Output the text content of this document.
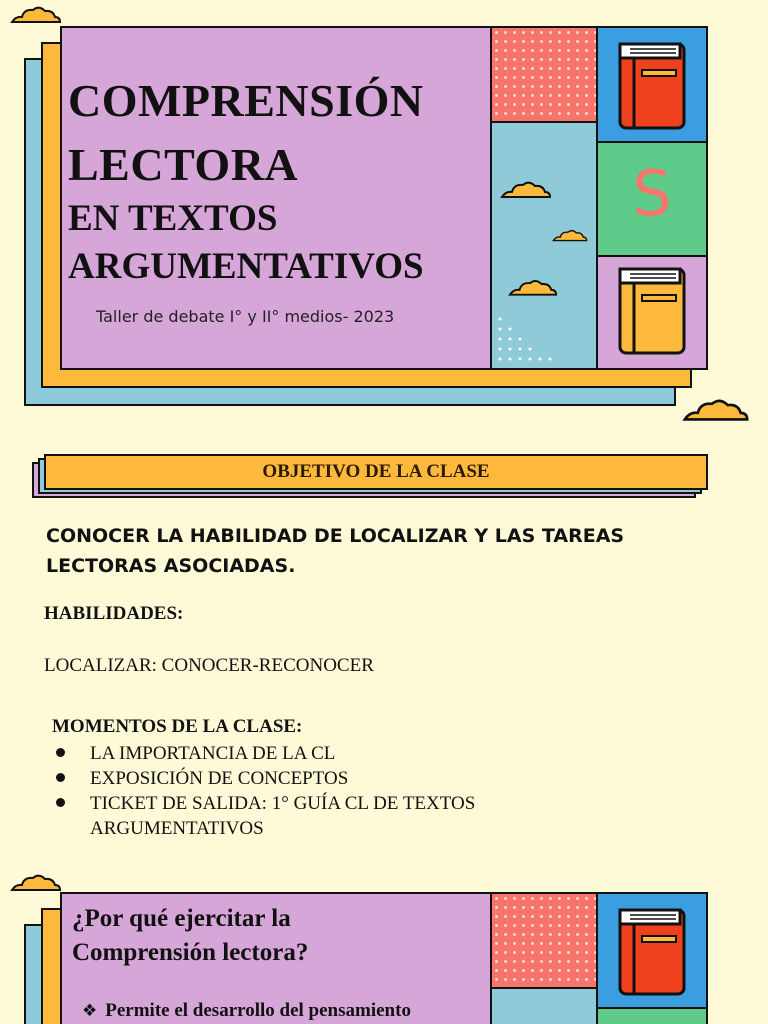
S
COMPRENSIÓN
LECTORA
EN TEXTOS
ARGUMENTATIVOS
Taller de debate I° y II° medios- 2023
OBJETIVO DE LA CLASE
CONOCER LA HABILIDAD DE LOCALIZAR Y LAS TAREAS
LECTORAS ASOCIADAS.
HABILIDADES:
LOCALIZAR: CONOCER-RECONOCER
MOMENTOS DE LA CLASE:
LA IMPORTANCIA DE LA CL
EXPOSICIÓN DE CONCEPTOS
TICKET DE SALIDA: 1° GUÍA CL DE TEXTOS
ARGUMENTATIVOS
¿Por qué ejercitar la
Comprensión lectora?
❖ Permite el desarrollo del pensamiento
